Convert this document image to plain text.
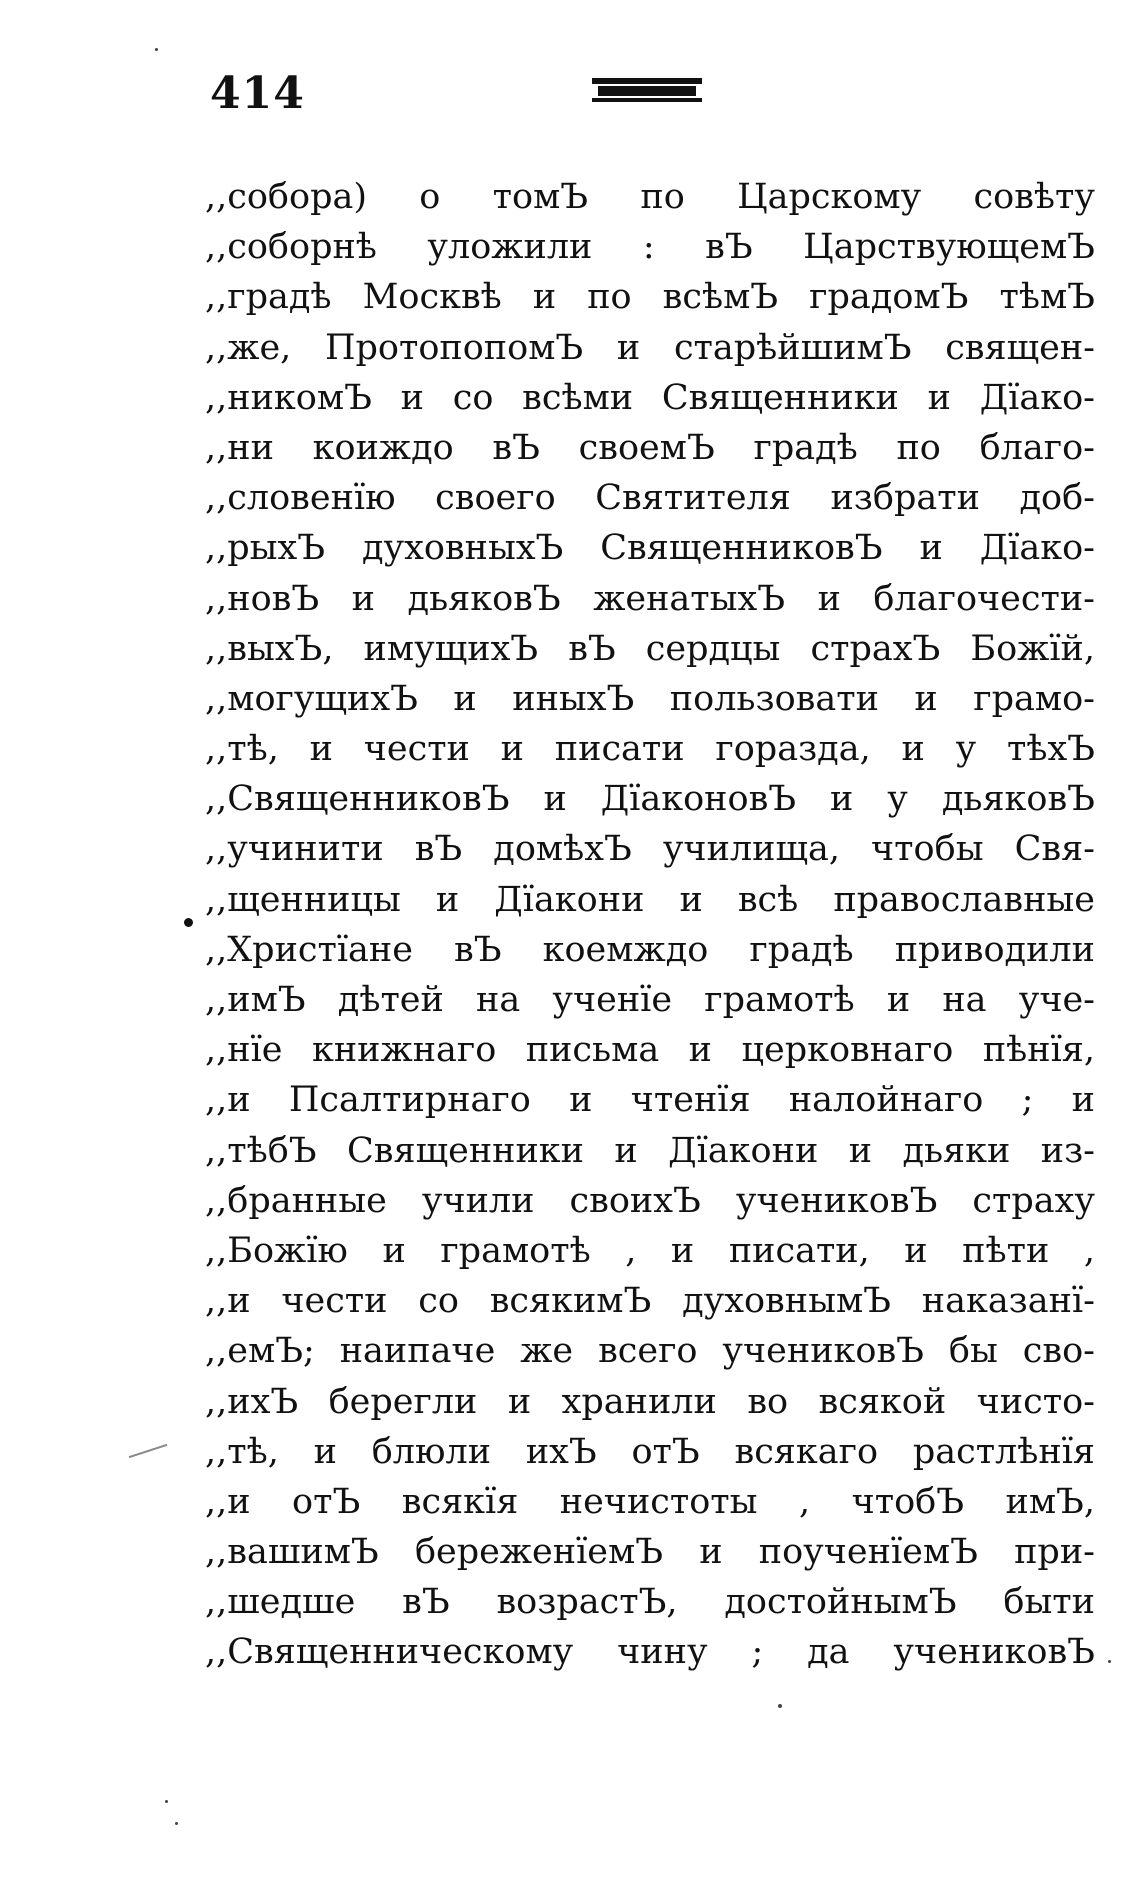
414
,,собора) о томЪ по Царскому совѣту
,,соборнѣ уложили : вЪ ЦарствующемЪ
,,градѣ Москвѣ и по всѣмЪ градомЪ тѣмЪ
,,же, ПротопопомЪ и старѣйшимЪ священ-
,,никомЪ и со всѣми Священники и Дїако-
,,ни коиждо вЪ своемЪ градѣ по благо-
,,словенїю своего Святителя избрати доб-
,,рыхЪ духовныхЪ СвященниковЪ и Дїако-
,,новЪ и дьяковЪ женатыхЪ и благочести-
,,выхЪ, имущихЪ вЪ сердцы страхЪ Божїй,
,,могущихЪ и иныхЪ пользовати и грамо-
,,тѣ, и чести и писати горазда, и у тѣхЪ
,,СвященниковЪ и ДїаконовЪ и у дьяковЪ
,,учинити вЪ домѣхЪ училища, чтобы Свя-
,,щенницы и Дїакони и всѣ православные
,,Христїане вЪ коемждо градѣ приводили
,,имЪ дѣтей на ученїе грамотѣ и на уче-
,,нїе книжнаго письма и церковнаго пѣнїя,
,,и Псалтирнаго и чтенїя налойнаго ; и
,,тѣбЪ Священники и Дїакони и дьяки из-
,,бранные учили своихЪ учениковЪ страху
,,Божїю и грамотѣ , и писати, и пѣти ,
,,и чести со всякимЪ духовнымЪ наказанї-
,,емЪ; наипаче же всего учениковЪ бы сво-
,,ихЪ берегли и хранили во всякой чисто-
,,тѣ, и блюли ихЪ отЪ всякаго растлѣнїя
,,и отЪ всякїя нечистоты , чтобЪ имЪ,
,,вашимЪ береженїемЪ и поученїемЪ при-
,,шедше вЪ возрастЪ, достойнымЪ быти
,,Священническому чину ; да учениковЪ
